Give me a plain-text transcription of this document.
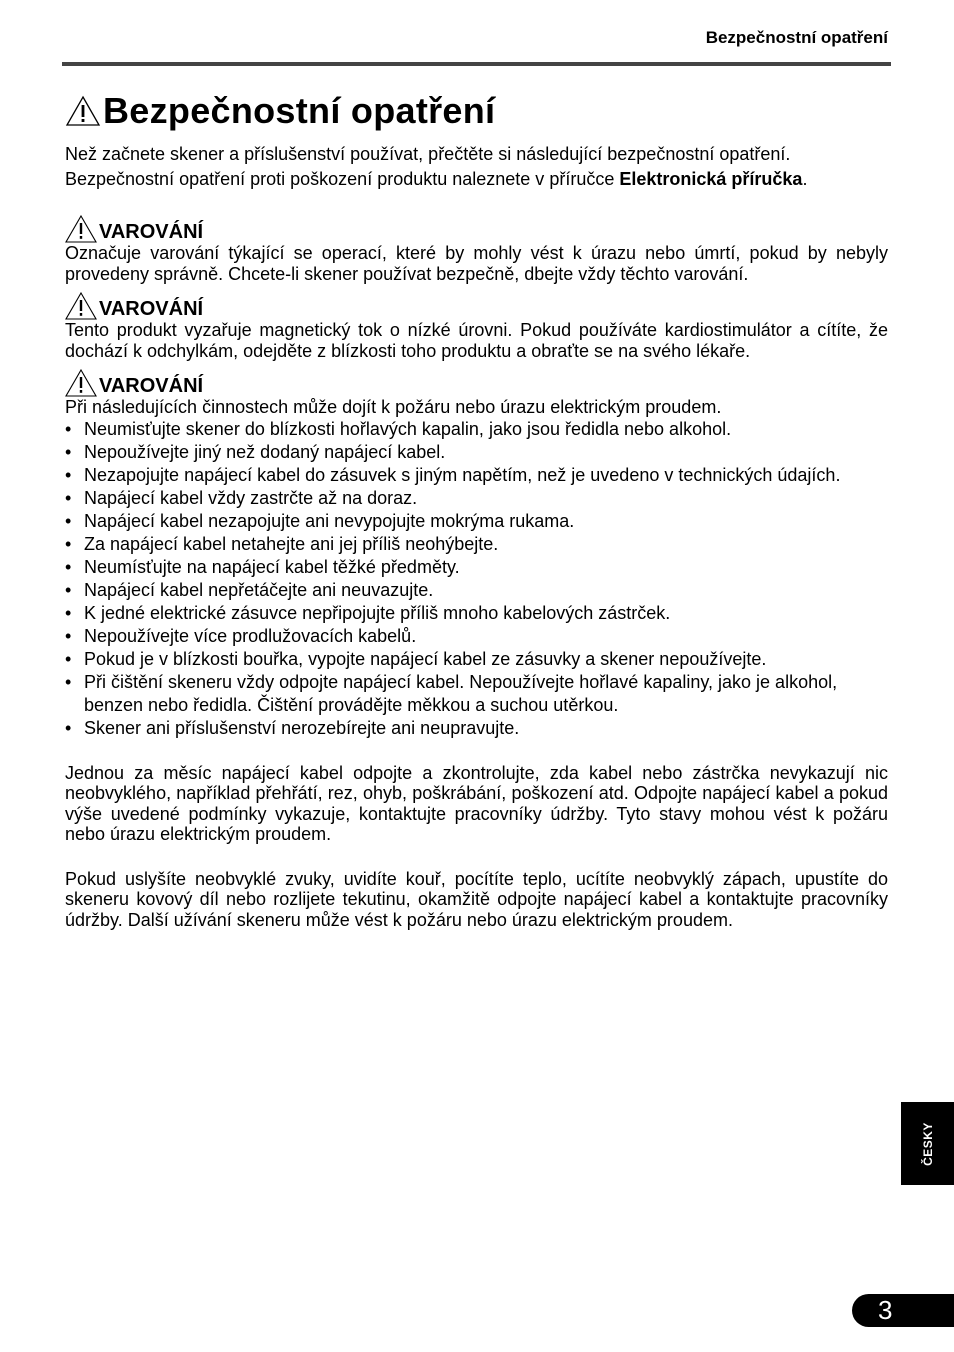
Bezpečnostní opatření
Bezpečnostní opatření

Než začnete skener a příslušenství používat, přečtěte si následující bezpečnostní opatření.

Bezpečnostní opatření proti poškození produktu naleznete v příručce Elektronická příručka.

VAROVÁNÍ

Označuje varování týkající se operací, které by mohly vést k úrazu nebo úmrtí, pokud by nebyly provedeny správně. Chcete-li skener používat bezpečně, dbejte vždy těchto varování.

VAROVÁNÍ

Tento produkt vyzařuje magnetický tok o nízké úrovni. Pokud používáte kardiostimulátor a cítíte, že dochází k odchylkám, odejděte z blízkosti toho produktu a obraťte se na svého lékaře.

VAROVÁNÍ

Při následujících činnostech může dojít k požáru nebo úrazu elektrickým proudem.

• Neumisťujte skener do blízkosti hořlavých kapalin, jako jsou ředidla nebo alkohol.
• Nepoužívejte jiný než dodaný napájecí kabel.
• Nezapojujte napájecí kabel do zásuvek s jiným napětím, než je uvedeno v technických údajích.
• Napájecí kabel vždy zastrčte až na doraz.
• Napájecí kabel nezapojujte ani nevypojujte mokrýma rukama.
• Za napájecí kabel netahejte ani jej příliš neohýbejte.
• Neumísťujte na napájecí kabel těžké předměty.
• Napájecí kabel nepřetáčejte ani neuvazujte.
• K jedné elektrické zásuvce nepřipojujte příliš mnoho kabelových zástrček.
• Nepoužívejte více prodlužovacích kabelů.
• Pokud je v blízkosti bouřka, vypojte napájecí kabel ze zásuvky a skener nepoužívejte.
• Při čištění skeneru vždy odpojte napájecí kabel. Nepoužívejte hořlavé kapaliny, jako je alkohol, benzen nebo ředidla. Čištění provádějte měkkou a suchou utěrkou.
• Skener ani příslušenství nerozebírejte ani neupravujte.

Jednou za měsíc napájecí kabel odpojte a zkontrolujte, zda kabel nebo zástrčka nevykazují nic neobvyklého, například přehřátí, rez, ohyb, poškrábání, poškození atd. Odpojte napájecí kabel a pokud výše uvedené podmínky vykazuje, kontaktujte pracovníky údržby. Tyto stavy mohou vést k požáru nebo úrazu elektrickým proudem.

Pokud uslyšíte neobvyklé zvuky, uvidíte kouř, pocítíte teplo, ucítíte neobvyklý zápach, upustíte do skeneru kovový díl nebo rozlijete tekutinu, okamžitě odpojte napájecí kabel a kontaktujte pracovníky údržby. Další užívání skeneru může vést k požáru nebo úrazu elektrickým proudem.

ČESKY
3
